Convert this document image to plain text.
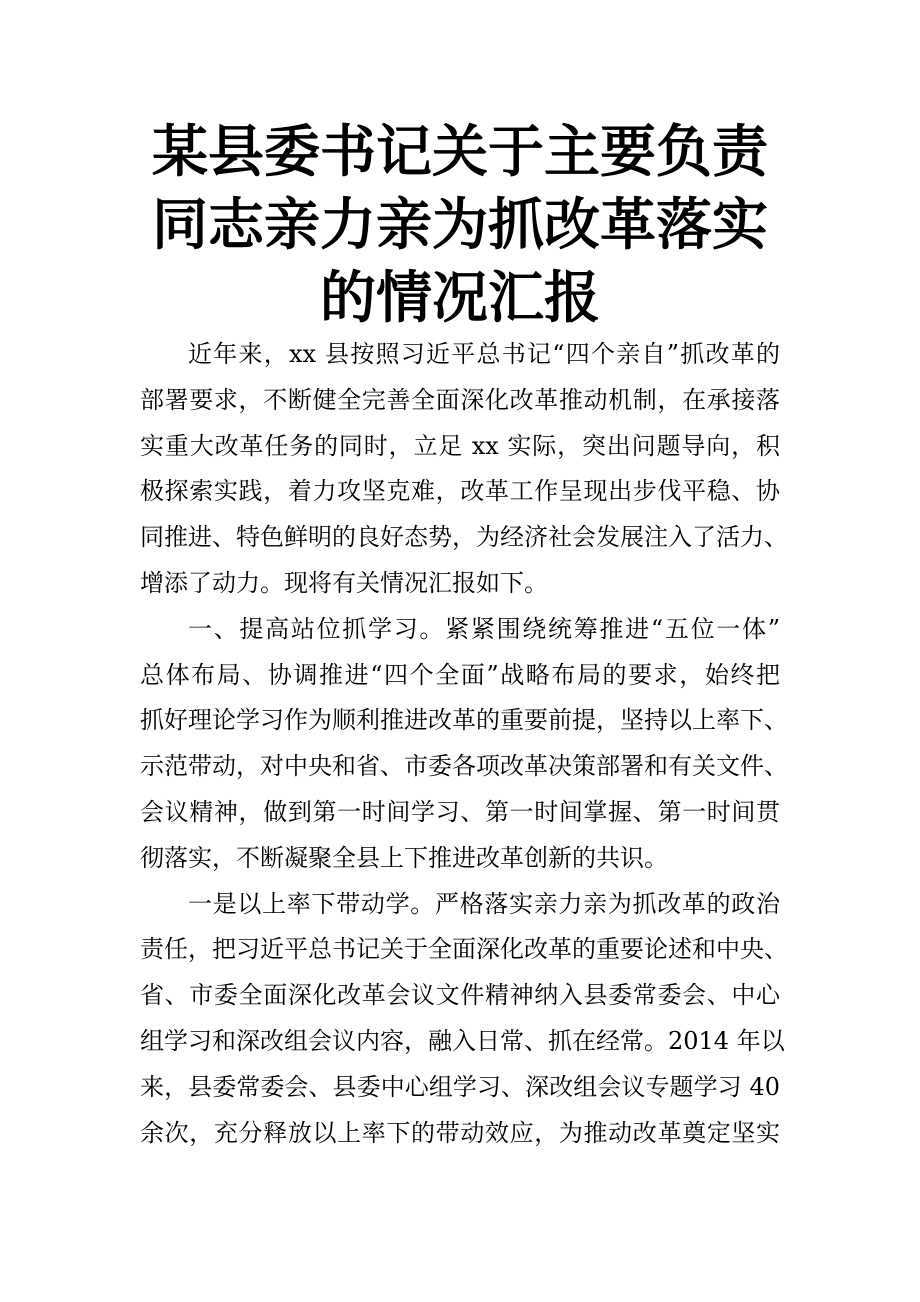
某县委书记关于主要负责
同志亲力亲为抓改革落实
的情况汇报
近年来，xx 县按照习近平总书记“四个亲自”抓改革的
部署要求，不断健全完善全面深化改革推动机制，在承接落
实重大改革任务的同时，立足 xx 实际，突出问题导向，积
极探索实践，着力攻坚克难，改革工作呈现出步伐平稳、协
同推进、特色鲜明的良好态势，为经济社会发展注入了活力、
增添了动力。现将有关情况汇报如下。
一、提高站位抓学习。紧紧围绕统筹推进“五位一体”
总体布局、协调推进“四个全面”战略布局的要求，始终把
抓好理论学习作为顺利推进改革的重要前提，坚持以上率下、
示范带动，对中央和省、市委各项改革决策部署和有关文件、
会议精神，做到第一时间学习、第一时间掌握、第一时间贯
彻落实，不断凝聚全县上下推进改革创新的共识。
一是以上率下带动学。严格落实亲力亲为抓改革的政治
责任，把习近平总书记关于全面深化改革的重要论述和中央、
省、市委全面深化改革会议文件精神纳入县委常委会、中心
组学习和深改组会议内容，融入日常、抓在经常。2014 年以
来，县委常委会、县委中心组学习、深改组会议专题学习 40
余次，充分释放以上率下的带动效应，为推动改革奠定坚实
